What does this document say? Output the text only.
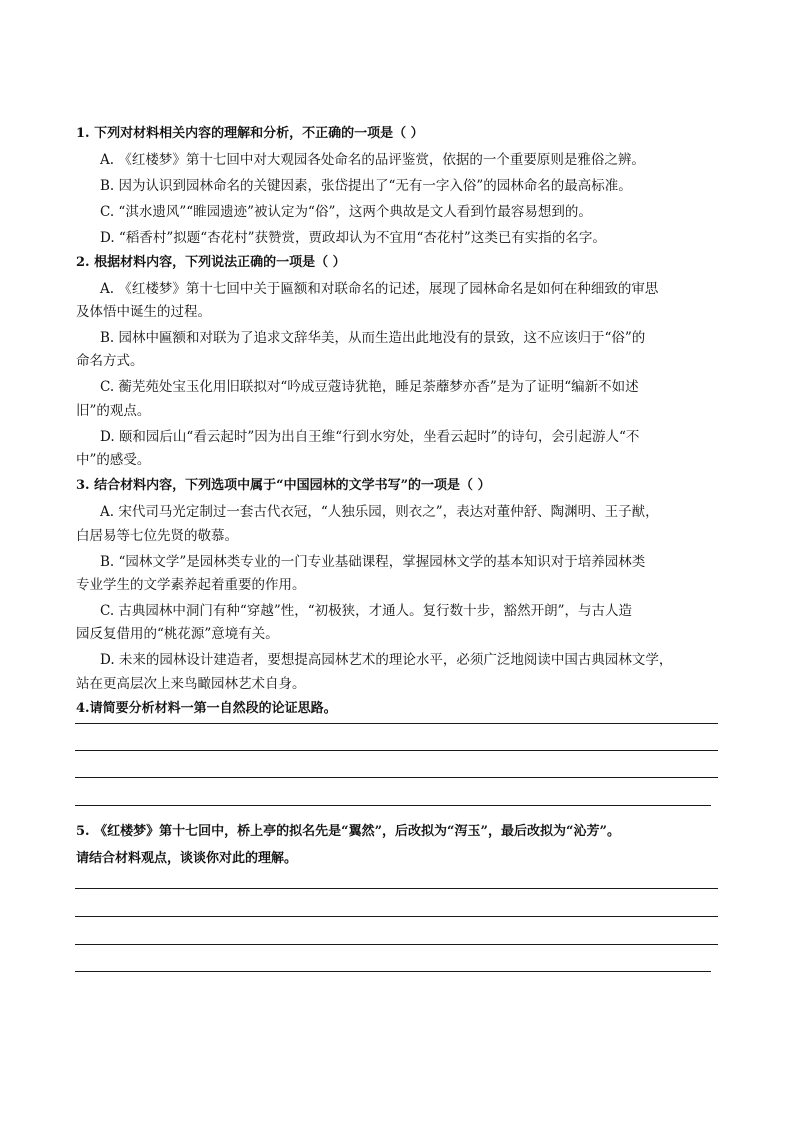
1. 下列对材料相关内容的理解和分析，不正确的一项是（ ）
A. 《红楼梦》第十七回中对大观园各处命名的品评鉴赏，依据的一个重要原则是雅俗之辨。
B. 因为认识到园林命名的关键因素，张岱提出了“无有一字入俗”的园林命名的最高标准。
C. “淇水遗风”“睢园遗迹”被认定为“俗”，这两个典故是文人看到竹最容易想到的。
D. “稻香村”拟题“杏花村”获赞赏，贾政却认为不宜用“杏花村”这类已有实指的名字。
2. 根据材料内容，下列说法正确的一项是（ ）
A. 《红楼梦》第十七回中关于匾额和对联命名的记述，展现了园林命名是如何在种细致的审思
及体悟中诞生的过程。
B. 园林中匾额和对联为了追求文辞华美，从而生造出此地没有的景致，这不应该归于“俗”的
命名方式。
C. 蘅芜苑处宝玉化用旧联拟对“吟成豆蔻诗犹艳，睡足荼蘼梦亦香”是为了证明“编新不如述
旧”的观点。
D. 颐和园后山“看云起时”因为出自王维“行到水穷处，坐看云起时”的诗句，会引起游人“不
中”的感受。
3. 结合材料内容，下列选项中属于“中国园林的文学书写”的一项是（ ）
A. 宋代司马光定制过一套古代衣冠，“人独乐园，则衣之”，表达对董仲舒、陶渊明、王子猷，
白居易等七位先贤的敬慕。
B. “园林文学”是园林类专业的一门专业基础课程，掌握园林文学的基本知识对于培养园林类
专业学生的文学素养起着重要的作用。
C. 古典园林中洞门有种“穿越”性，“初极狭，才通人。复行数十步，豁然开朗”，与古人造
园反复借用的“桃花源”意境有关。
D. 未来的园林设计建造者，要想提高园林艺术的理论水平，必须广泛地阅读中国古典园林文学，
站在更高层次上来鸟瞰园林艺术自身。
4.请简要分析材料一第一自然段的论证思路。
5. 《红楼梦》第十七回中，桥上亭的拟名先是“翼然”，后改拟为“泻玉”，最后改拟为“沁芳”。
请结合材料观点，谈谈你对此的理解。
